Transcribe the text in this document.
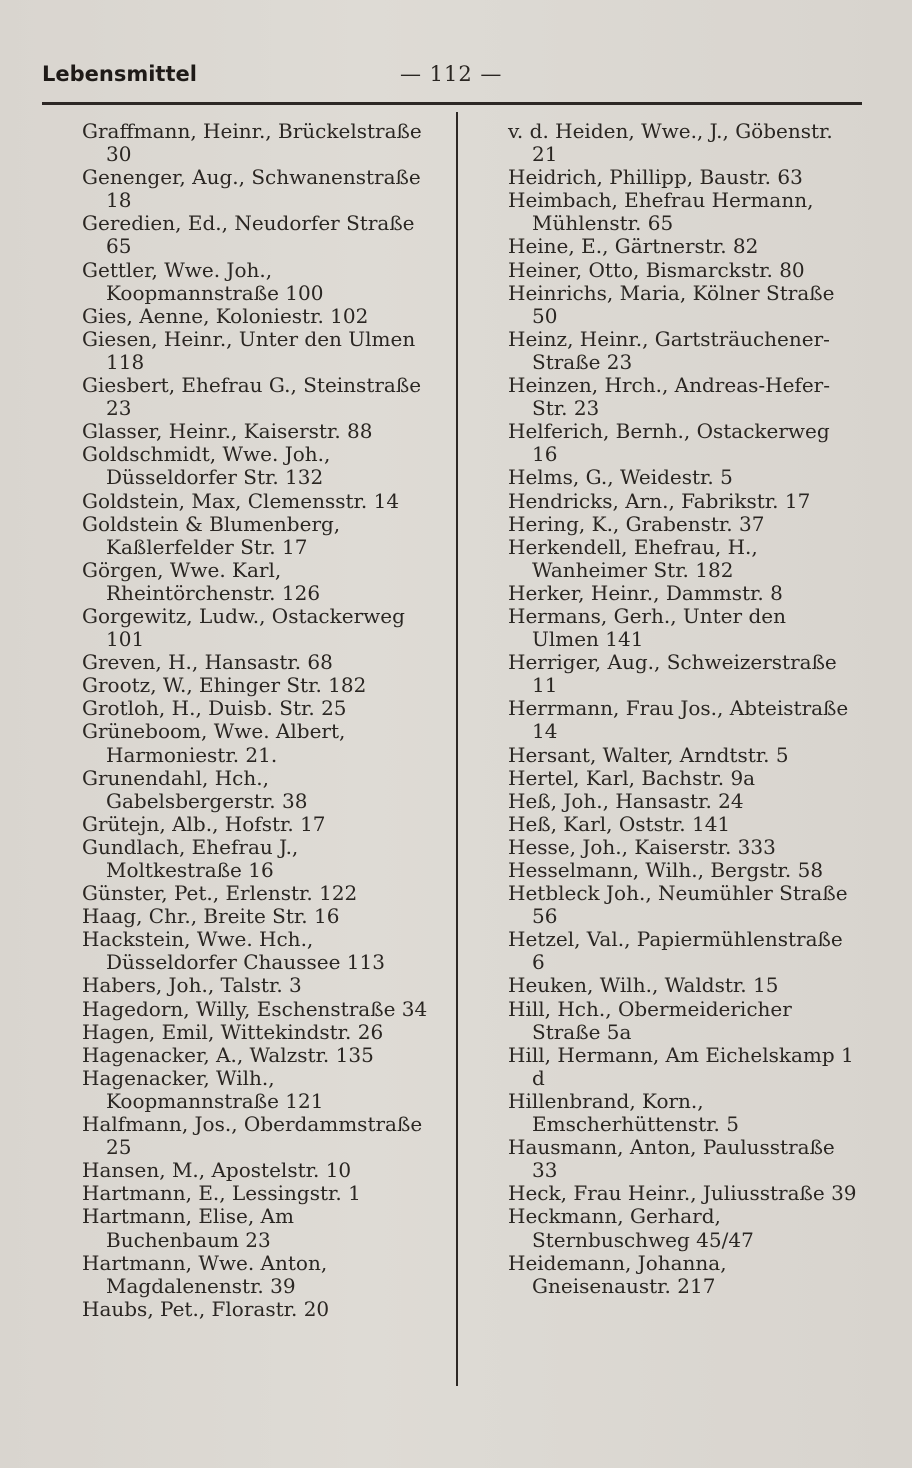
Lebensmittel	— 112 —
Graffmann, Heinr., Brückelstraße 30
Genenger, Aug., Schwanenstraße 18
Geredien, Ed., Neudorfer Straße 65
Gettler, Wwe. Joh., Koopmannstraße 100
Gies, Aenne, Koloniestr. 102
Giesen, Heinr., Unter den Ulmen 118
Giesbert, Ehefrau G., Steinstraße 23
Glasser, Heinr., Kaiserstr. 88
Goldschmidt, Wwe. Joh., Düsseldorfer Str. 132
Goldstein, Max, Clemensstr. 14
Goldstein & Blumenberg, Kaßlerfelder Str. 17
Görgen, Wwe. Karl, Rheintörchenstr. 126
Gorgewitz, Ludw., Ostackerweg 101
Greven, H., Hansastr. 68
Grootz, W., Ehinger Str. 182
Grotloh, H., Duisb. Str. 25
Grüneboom, Wwe. Albert, Harmoniestr. 21.
Grunendahl, Hch., Gabelsbergerstr. 38
Grütejn, Alb., Hofstr. 17
Gundlach, Ehefrau J., Moltkestraße 16
Günster, Pet., Erlenstr. 122
Haag, Chr., Breite Str. 16
Hackstein, Wwe. Hch., Düsseldorfer Chaussee 113
Habers, Joh., Talstr. 3
Hagedorn, Willy, Eschenstraße 34
Hagen, Emil, Wittekindstr. 26
Hagenacker, A., Walzstr. 135
Hagenacker, Wilh., Koopmannstraße 121
Halfmann, Jos., Oberdammstraße 25
Hansen, M., Apostelstr. 10
Hartmann, E., Lessingstr. 1
Hartmann, Elise, Am Buchenbaum 23
Hartmann, Wwe. Anton, Magdalenenstr. 39
Haubs, Pet., Florastr. 20
v. d. Heiden, Wwe., J., Göbenstr. 21
Heidrich, Phillipp, Baustr. 63
Heimbach, Ehefrau Hermann, Mühlenstr. 65
Heine, E., Gärtnerstr. 82
Heiner, Otto, Bismarckstr. 80
Heinrichs, Maria, Kölner Straße 50
Heinz, Heinr., Gartsträuchener-Straße 23
Heinzen, Hrch., Andreas-Hefer-Str. 23
Helferich, Bernh., Ostackerweg 16
Helms, G., Weidestr. 5
Hendricks, Arn., Fabrikstr. 17
Hering, K., Grabenstr. 37
Herkendell, Ehefrau, H., Wanheimer Str. 182
Herker, Heinr., Dammstr. 8
Hermans, Gerh., Unter den Ulmen 141
Herriger, Aug., Schweizerstraße 11
Herrmann, Frau Jos., Abteistraße 14
Hersant, Walter, Arndtstr. 5
Hertel, Karl, Bachstr. 9a
Heß, Joh., Hansastr. 24
Heß, Karl, Oststr. 141
Hesse, Joh., Kaiserstr. 333
Hesselmann, Wilh., Bergstr. 58
Hetbleck Joh., Neumühler Straße 56
Hetzel, Val., Papiermühlenstraße 6
Heuken, Wilh., Waldstr. 15
Hill, Hch., Obermeidericher Straße 5a
Hill, Hermann, Am Eichelskamp 1 d
Hillenbrand, Korn., Emscherhüttenstr. 5
Hausmann, Anton, Paulusstraße 33
Heck, Frau Heinr., Juliusstraße 39
Heckmann, Gerhard, Sternbuschweg 45/47
Heidemann, Johanna, Gneisenaustr. 217
